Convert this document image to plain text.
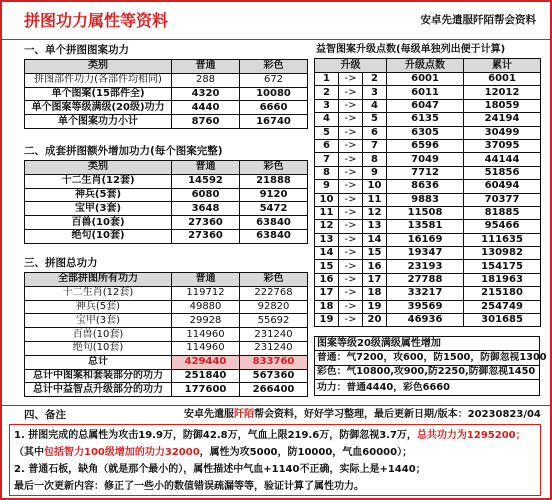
拼图功力属性等资料	安卓先遣服阡陌帮会资料
一、单个拼图图案功力
类别	普通	彩色
拼图部件功力(各部件均相同)	288	672
单个图案(15部件全)	4320	10080
单个图案等级满级(20级)功力	4440	6660
单个图案功力小计	8760	16740
二、成套拼图额外增加功力(每个图案完整)
类别	普通	彩色
十二生肖(12套)	14592	21888
神兵(5套)	6080	9120
宝甲(3套)	3648	5472
百兽(10套)	27360	63840
绝句(10套)	27360	63840
三、拼图总功力
全部拼图所有功力	普通	彩色
十二生肖(12套)	119712	222768
神兵(5套)	49880	92820
宝甲(3套)	29928	55692
百兽(10套)	114960	231240
绝句(10套)	114960	231240
总计	429440	833760
总计中图案和套装部分的功力	251840	567360
总计中益智点升级部分的功力	177600	266400
益智图案升级点数(每级单独列出便于计算)
升级			升级点数	累计
1	->	2	6001	6001
2	->	3	6011	12012
3	->	4	6047	18059
4	->	5	6135	24194
5	->	6	6305	30499
6	->	7	6596	37095
7	->	8	7049	44144
8	->	9	7712	51856
9	->	10	8636	60494
10	->	11	9883	70377
11	->	12	11508	81885
12	->	13	13581	95466
13	->	14	16169	111635
14	->	15	19347	130982
15	->	16	23193	154175
16	->	17	27788	181963
17	->	18	33217	215180
18	->	19	39569	254749
19	->	20	46936	301685
图案等级20级满级属性增加
普通：气7200，攻600，防1500，防御忽视1300
彩色：气10800,攻900,防2250,防御忽视1450
功力：普通4440，彩色6660
四、备注	安卓先遣服阡陌帮会资料，好好学习整理，最后更新日期/版本：20230823/04
1. 拼图完成的总属性为攻击19.9万，防御42.8万，气血上限219.6万，防御忽视3.7万， 总共功力为1295200；
（其中 包括智力100级增加的功力32000 ，属性为攻5000，防10000，气血60000）；
2. 普通石板，缺角（就是那个最小的），属性描述中气血+1140不正确，实际上是+1440；
最后一次更新内容：修正了一些小的数值错误疏漏等等，验证计算了属性功力。
